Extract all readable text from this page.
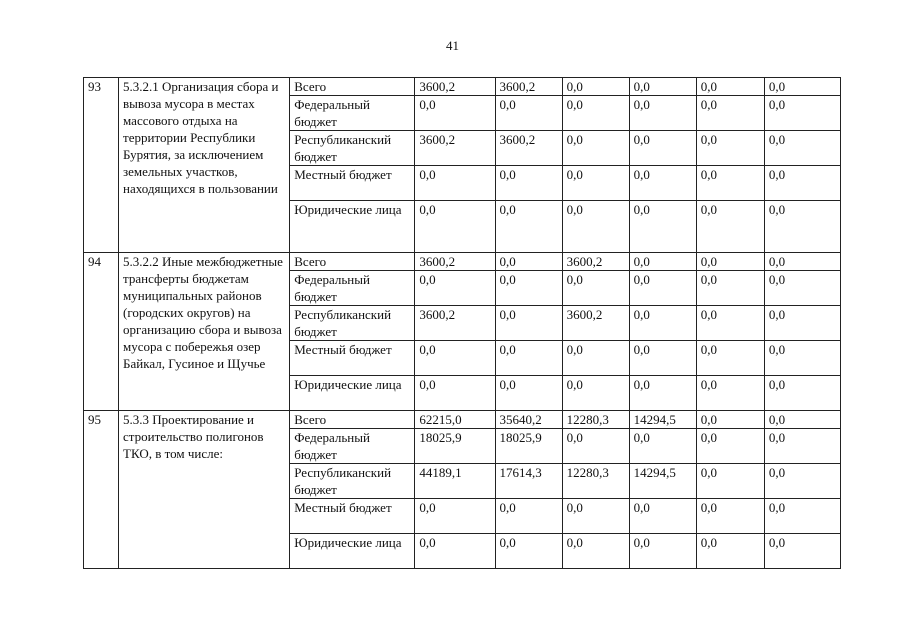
41
93	5.3.2.1 Организация сбора и вывоза мусора в местах массового отдыха на территории Республики Бурятия, за исключением земельных участков, находящихся в пользовании	Всего	3600,2	3600,2	0,0	0,0	0,0	0,0
		Федеральный бюджет	0,0	0,0	0,0	0,0	0,0	0,0
		Республиканский бюджет	3600,2	3600,2	0,0	0,0	0,0	0,0
		Местный бюджет	0,0	0,0	0,0	0,0	0,0	0,0
		Юридические лица	0,0	0,0	0,0	0,0	0,0	0,0
94	5.3.2.2 Иные межбюджетные трансферты бюджетам муниципальных районов (городских округов) на организацию сбора и вывоза мусора с побережья озер Байкал, Гусиное и Щучье	Всего	3600,2	0,0	3600,2	0,0	0,0	0,0
		Федеральный бюджет	0,0	0,0	0,0	0,0	0,0	0,0
		Республиканский бюджет	3600,2	0,0	3600,2	0,0	0,0	0,0
		Местный бюджет	0,0	0,0	0,0	0,0	0,0	0,0
		Юридические лица	0,0	0,0	0,0	0,0	0,0	0,0
95	5.3.3 Проектирование и строительство полигонов ТКО, в том числе:	Всего	62215,0	35640,2	12280,3	14294,5	0,0	0,0
		Федеральный бюджет	18025,9	18025,9	0,0	0,0	0,0	0,0
		Республиканский бюджет	44189,1	17614,3	12280,3	14294,5	0,0	0,0
		Местный бюджет	0,0	0,0	0,0	0,0	0,0	0,0
		Юридические лица	0,0	0,0	0,0	0,0	0,0	0,0
